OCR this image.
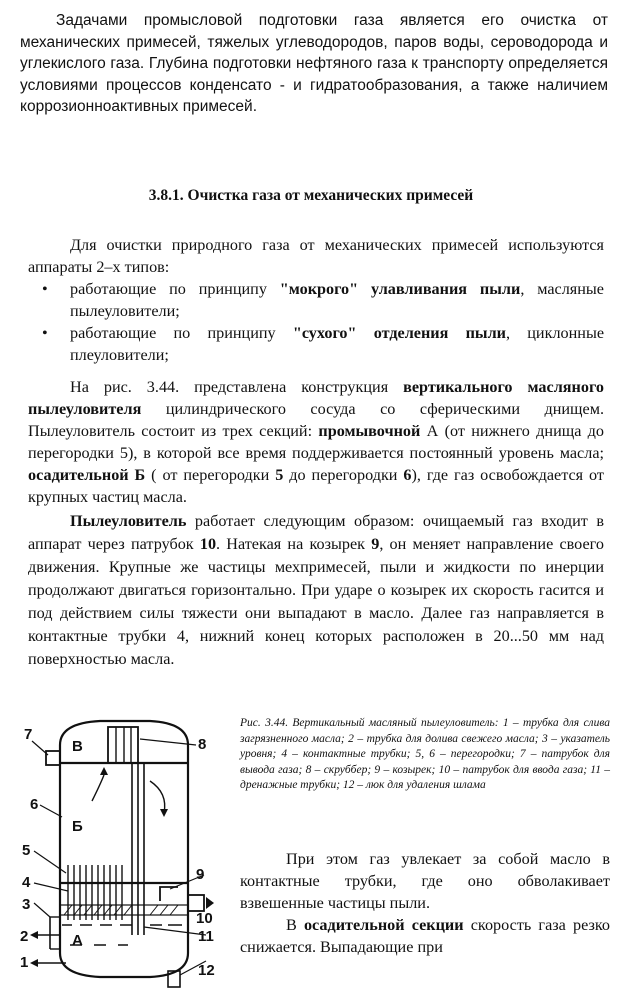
Задачами промысловой подготовки газа является его очистка от механических примесей, тяжелых углеводородов, паров воды, сероводорода и углекислого газа. Глубина подготовки нефтяного газа к транспорту определяется условиями процессов конденсато - и гидратообразования, а также наличием коррозионноактивных примесей.

3.8.1. Очистка газа от механических примесей

Для очистки природного газа от механических примесей используются аппараты 2–х типов:

• работающие по принципу "мокрого" улавливания пыли, масляные пылеуловители;
• работающие по принципу "сухого" отделения пыли, циклонные плеуловители;

На рис. 3.44. представлена конструкция вертикального масляного пылеуловителя цилиндрического сосуда со сферическими днищем. Пылеуловитель состоит из трех секций: промывочной А (от нижнего днища до перегородки 5), в которой все время поддерживается постоянный уровень масла; осадительной Б ( от перегородки 5 до перегородки 6), где газ освобождается от крупных частиц масла.

Пылеуловитель работает следующим образом: очищаемый газ входит в аппарат через патрубок 10. Натекая на козырек 9, он меняет направление своего движения. Крупные же частицы мехпримесей, пыли и жидкости по инерции продолжают двигаться горизонтально. При ударе о козырек их скорость гасится и под действием силы тяжести они выпадают в масло. Далее газ направляется в контактные трубки 4, нижний конец которых расположен в 20...50 мм над поверхностью масла.

7
8
6
5
4
3
2
1
9
10
11
12
В
Б
А

Рис. 3.44. Вертикальный масляный пылеуловитель: 1 – трубка для слива загрязненного масла; 2 – трубка для долива свежего масла; 3 – указатель уровня; 4 – контактные трубки; 5, 6 – перегородки; 7 – патрубок для вывода газа; 8 – скруббер; 9 – козырек; 10 – патрубок для ввода газа; 11 – дренажные трубки; 12 – люк для удаления шлама

При этом газ увлекает за собой масло в контактные трубки, где оно обволакивает взвешенные частицы пыли.

В осадительной секции скорость газа резко снижается. Выпадающие при
